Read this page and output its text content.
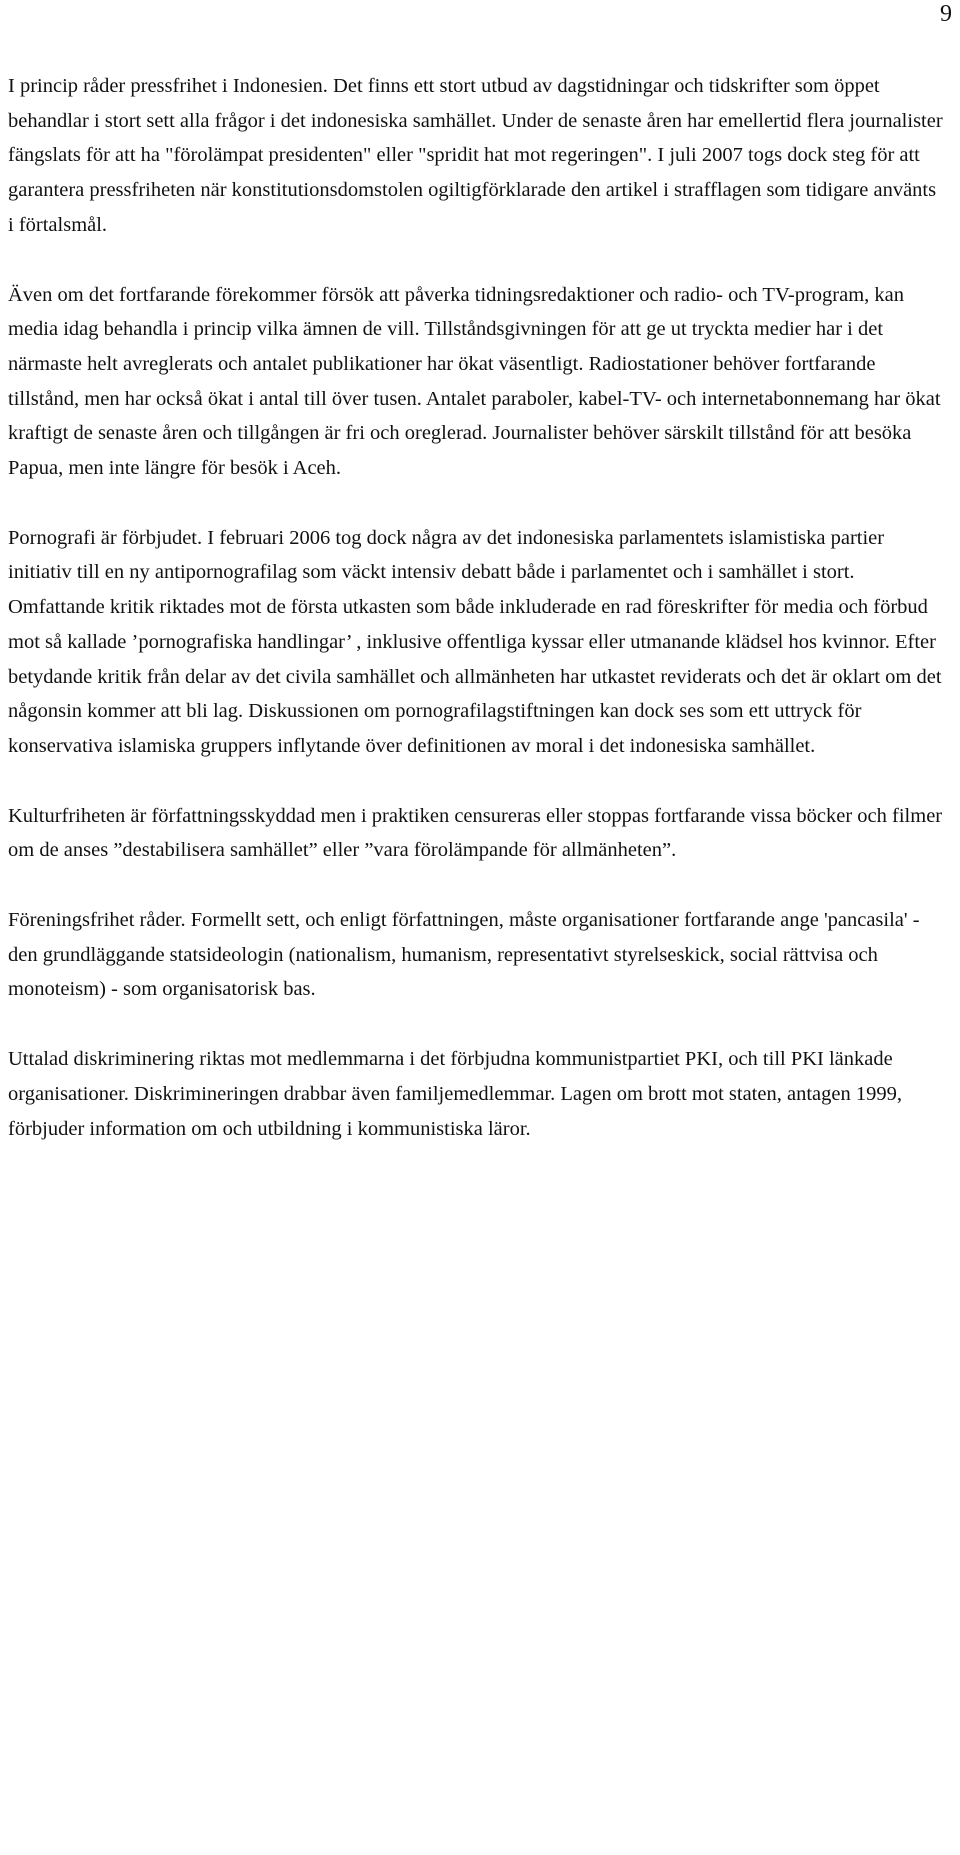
9

I princip råder pressfrihet i Indonesien. Det finns ett stort utbud av dagstidningar och tidskrifter som öppet behandlar i stort sett alla frågor i det indonesiska samhället. Under de senaste åren har emellertid flera journalister fängslats för att ha "förolämpat presidenten" eller "spridit hat mot regeringen". I juli 2007 togs dock steg för att garantera pressfriheten när konstitutionsdomstolen ogiltigförklarade den artikel i strafflagen som tidigare använts i förtalsmål.

Även om det fortfarande förekommer försök att påverka tidningsredaktioner och radio- och TV-program, kan media idag behandla i princip vilka ämnen de vill. Tillståndsgivningen för att ge ut tryckta medier har i det närmaste helt avreglerats och antalet publikationer har ökat väsentligt. Radiostationer behöver fortfarande tillstånd, men har också ökat i antal till över tusen. Antalet paraboler, kabel-TV- och internetabonnemang har ökat kraftigt de senaste åren och tillgången är fri och oreglerad. Journalister behöver särskilt tillstånd för att besöka Papua, men inte längre för besök i Aceh.

Pornografi är förbjudet. I februari 2006 tog dock några av det indonesiska parlamentets islamistiska partier initiativ till en ny antipornografilag som väckt intensiv debatt både i parlamentet och i samhället i stort. Omfattande kritik riktades mot de första utkasten som både inkluderade en rad föreskrifter för media och förbud mot så kallade ’pornografiska handlingar’ , inklusive offentliga kyssar eller utmanande klädsel hos kvinnor. Efter betydande kritik från delar av det civila samhället och allmänheten har utkastet reviderats och det är oklart om det någonsin kommer att bli lag. Diskussionen om pornografilagstiftningen kan dock ses som ett uttryck för konservativa islamiska gruppers inflytande över definitionen av moral i det indonesiska samhället.

Kulturfriheten är författningsskyddad men i praktiken censureras eller stoppas fortfarande vissa böcker och filmer om de anses ”destabilisera samhället” eller ”vara förolämpande för allmänheten”.

Föreningsfrihet råder. Formellt sett, och enligt författningen, måste organisationer fortfarande ange 'pancasila' - den grundläggande statsideologin (nationalism, humanism, representativt styrelseskick, social rättvisa och monoteism) - som organisatorisk bas.

Uttalad diskriminering riktas mot medlemmarna i det förbjudna kommunistpartiet PKI, och till PKI länkade organisationer. Diskrimineringen drabbar även familjemedlemmar. Lagen om brott mot staten, antagen 1999, förbjuder information om och utbildning i kommunistiska läror.
